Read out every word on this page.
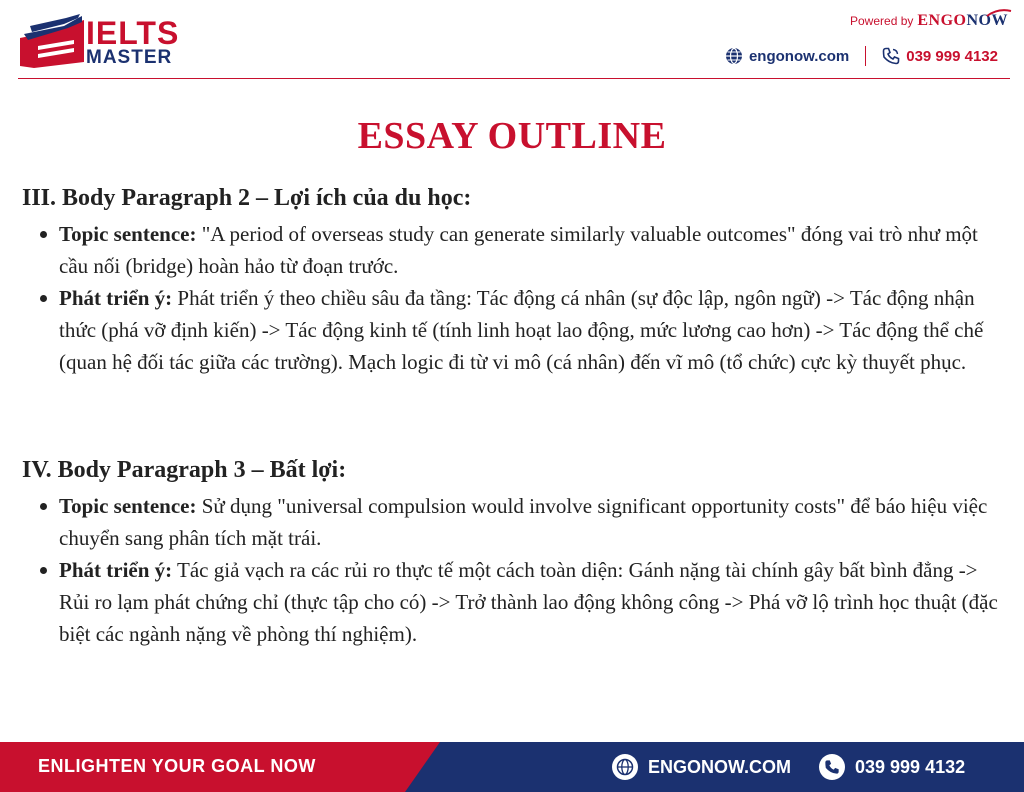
IELTS
MASTER
Powered by ENGONOW
engonow.com	039 999 4132
ESSAY OUTLINE
III. Body Paragraph 2 – Lợi ích của du học:
Topic sentence: "A period of overseas study can generate similarly valuable outcomes" đóng vai trò như một cầu nối (bridge) hoàn hảo từ đoạn trước.
Phát triển ý: Phát triển ý theo chiều sâu đa tầng: Tác động cá nhân (sự độc lập, ngôn ngữ) -> Tác động nhận thức (phá vỡ định kiến) -> Tác động kinh tế (tính linh hoạt lao động, mức lương cao hơn) -> Tác động thể chế (quan hệ đối tác giữa các trường). Mạch logic đi từ vi mô (cá nhân) đến vĩ mô (tổ chức) cực kỳ thuyết phục.
IV. Body Paragraph 3 – Bất lợi:
Topic sentence: Sử dụng "universal compulsion would involve significant opportunity costs" để báo hiệu việc chuyển sang phân tích mặt trái.
Phát triển ý: Tác giả vạch ra các rủi ro thực tế một cách toàn diện: Gánh nặng tài chính gây bất bình đẳng -> Rủi ro lạm phát chứng chỉ (thực tập cho có) -> Trở thành lao động không công -> Phá vỡ lộ trình học thuật (đặc biệt các ngành nặng về phòng thí nghiệm).
ENLIGHTEN YOUR GOAL NOW	ENGONOW.COM	039 999 4132
